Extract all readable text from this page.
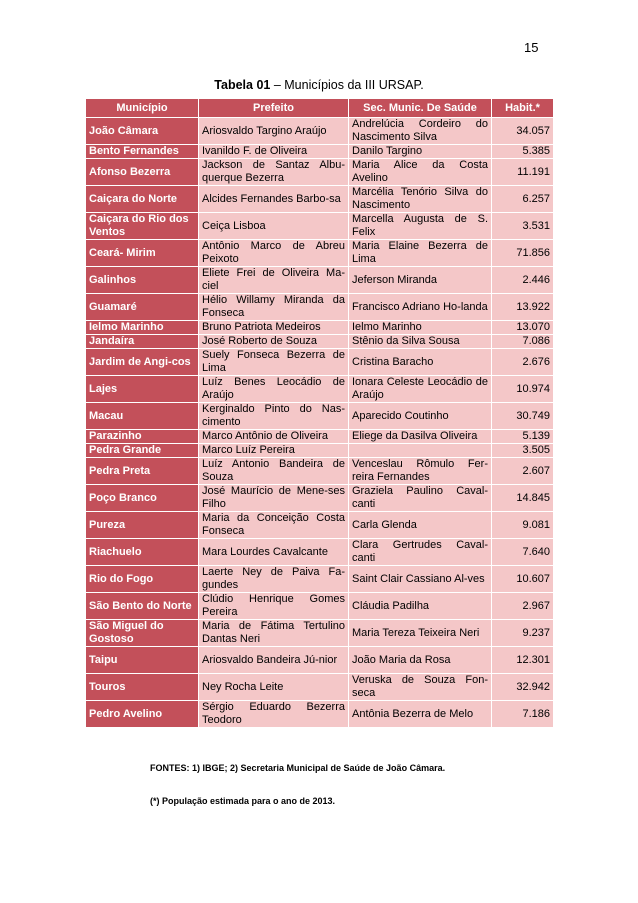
15
Tabela 01 – Municípios da III URSAP.
Município	Prefeito	Sec. Munic. De Saúde	Habit.*
João Câmara	Ariosvaldo Targino Araújo	Andrelúcia Cordeiro do Nascimento Silva	34.057
Bento Fernandes	Ivanildo F. de Oliveira	Danilo Targino	5.385
Afonso Bezerra	Jackson de Santaz Albu-querque Bezerra	Maria Alice da Costa Avelino	11.191
Caiçara do Norte	Alcides Fernandes Barbo-sa	Marcélia Tenório Silva do Nascimento	6.257
Caiçara do Rio dos Ventos	Ceiça Lisboa	Marcella Augusta de S. Felix	3.531
Ceará- Mirim	Antônio Marco de Abreu Peixoto	Maria Elaine Bezerra de Lima	71.856
Galinhos	Eliete Frei de Oliveira Ma-ciel	Jeferson Miranda	2.446
Guamaré	Hélio Willamy Miranda da Fonseca	Francisco Adriano Ho-landa	13.922
Ielmo Marinho	Bruno Patriota Medeiros	Ielmo Marinho	13.070
Jandaíra	José Roberto de Souza	Stênio da Silva Sousa	7.086
Jardim de Angi-cos	Suely Fonseca Bezerra de Lima	Cristina Baracho	2.676
Lajes	Luíz Benes Leocádio de Araújo	Ionara Celeste Leocádio de Araújo	10.974
Macau	Kerginaldo Pinto do Nas-cimento	Aparecido Coutinho	30.749
Parazinho	Marco Antônio de Oliveira	Eliege da Dasilva Oliveira	5.139
Pedra Grande	Marco Luíz Pereira		3.505
Pedra Preta	Luíz Antonio Bandeira de Souza	Venceslau Rômulo Fer-reira Fernandes	2.607
Poço Branco	José Maurício de Mene-ses Filho	Graziela Paulino Caval-canti	14.845
Pureza	Maria da Conceição Costa Fonseca	Carla Glenda	9.081
Riachuelo	Mara Lourdes Cavalcante	Clara Gertrudes Caval-canti	7.640
Rio do Fogo	Laerte Ney de Paiva Fa-gundes	Saint Clair Cassiano Al-ves	10.607
São Bento do Norte	Clúdio Henrique Gomes Pereira	Cláudia Padilha	2.967
São Miguel do Gostoso	Maria de Fátima Tertulino Dantas Neri	Maria Tereza Teixeira Neri	9.237
Taipu	Ariosvaldo Bandeira Jú-nior	João Maria da Rosa	12.301
Touros	Ney Rocha Leite	Veruska de Souza Fon-seca	32.942
Pedro Avelino	Sérgio Eduardo Bezerra Teodoro	Antônia Bezerra de Melo	7.186
FONTES: 1) IBGE; 2) Secretaria Municipal de Saúde de João Câmara.
(*) População estimada para o ano de 2013.
